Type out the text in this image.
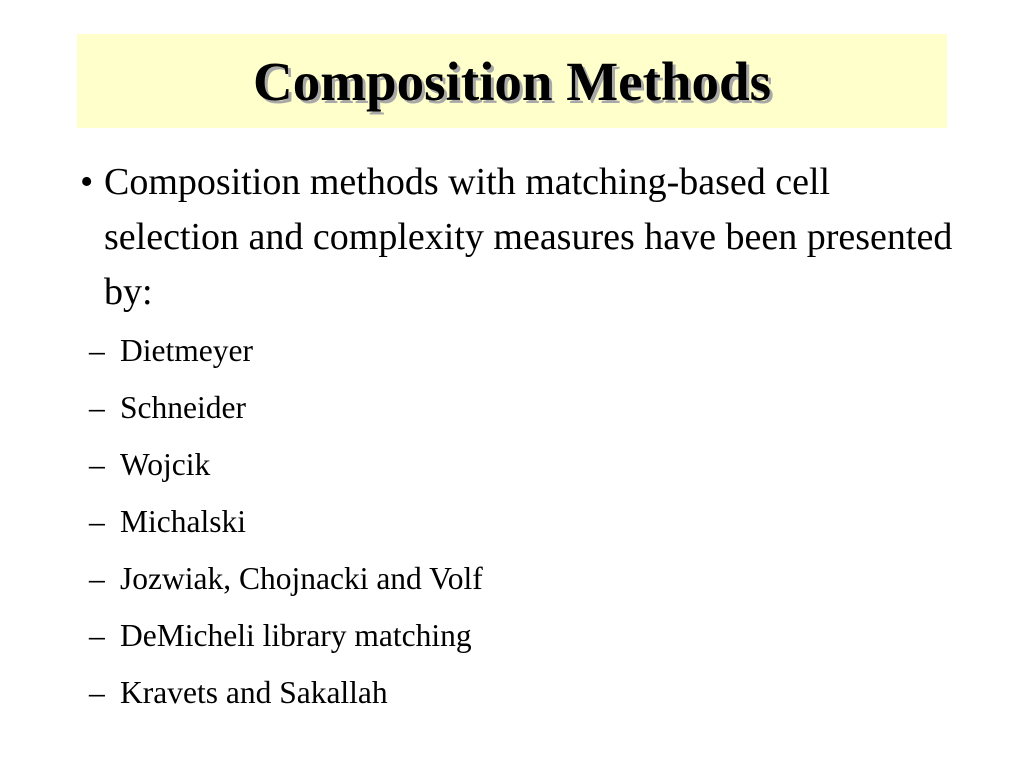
Composition Methods

• Composition methods with matching-based cell selection and complexity measures have been presented by:

– Dietmeyer
– Schneider
– Wojcik
– Michalski
– Jozwiak, Chojnacki and Volf
– DeMicheli library matching
– Kravets and Sakallah
